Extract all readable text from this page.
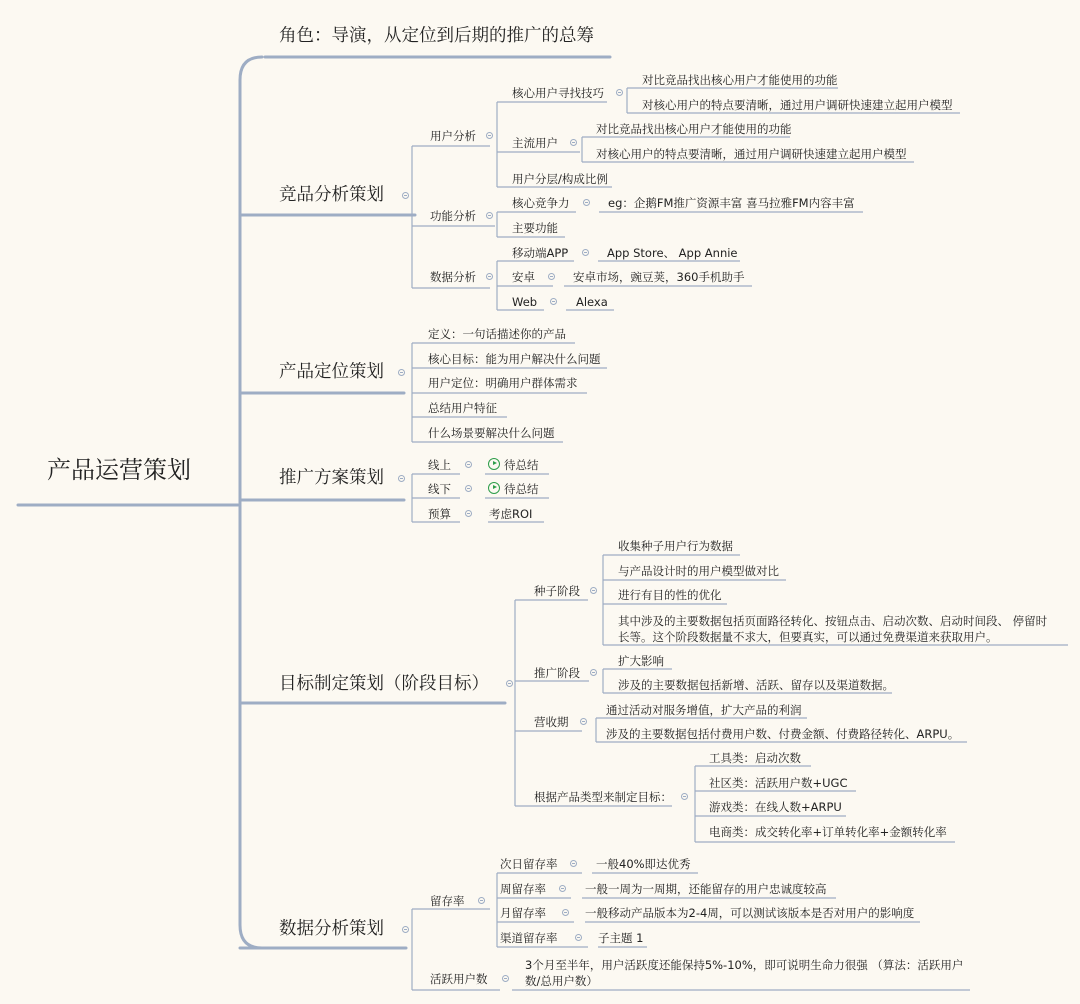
产品运营策划
角色：导演，从定位到后期的推广的总筹
竞品分析策划
产品定位策划
推广方案策划
目标制定策划（阶段目标）
数据分析策划
用户分析
核心用户寻找技巧
对比竞品找出核心用户才能使用的功能
对核心用户的特点要清晰，通过用户调研快速建立起用户模型
主流用户
对比竞品找出核心用户才能使用的功能
对核心用户的特点要清晰，通过用户调研快速建立起用户模型
用户分层/构成比例
功能分析
核心竞争力	eg：企鹅FM推广资源丰富 喜马拉雅FM内容丰富
主要功能
数据分析
移动端APP	App Store、 App Annie
安卓	安卓市场，豌豆荚，360手机助手
Web	Alexa
定义：一句话描述你的产品
核心目标：能为用户解决什么问题
用户定位：明确用户群体需求
总结用户特征
什么场景要解决什么问题
线上	待总结
线下	待总结
预算	考虑ROI
种子阶段
收集种子用户行为数据
与产品设计时的用户模型做对比
进行有目的性的优化
其中涉及的主要数据包括页面路径转化、按钮点击、启动次数、启动时间段、 停留时长等。这个阶段数据量不求大，但要真实，可以通过免费渠道来获取用户。
推广阶段
扩大影响
涉及的主要数据包括新增、活跃、留存以及渠道数据。
营收期
通过活动对服务增值，扩大产品的利润
涉及的主要数据包括付费用户数、付费金额、付费路径转化、ARPU。
根据产品类型来制定目标：
工具类：启动次数
社区类：活跃用户数+UGC
游戏类：在线人数+ARPU
电商类：成交转化率+订单转化率+金额转化率
留存率
次日留存率	一般40%即达优秀
周留存率	一般一周为一周期，还能留存的用户忠诚度较高
月留存率	一般移动产品版本为2-4周，可以测试该版本是否对用户的影响度
渠道留存率	子主题 1
活跃用户数
3个月至半年，用户活跃度还能保持5%-10%，即可说明生命力很强 （算法：活跃用户数/总用户数）
